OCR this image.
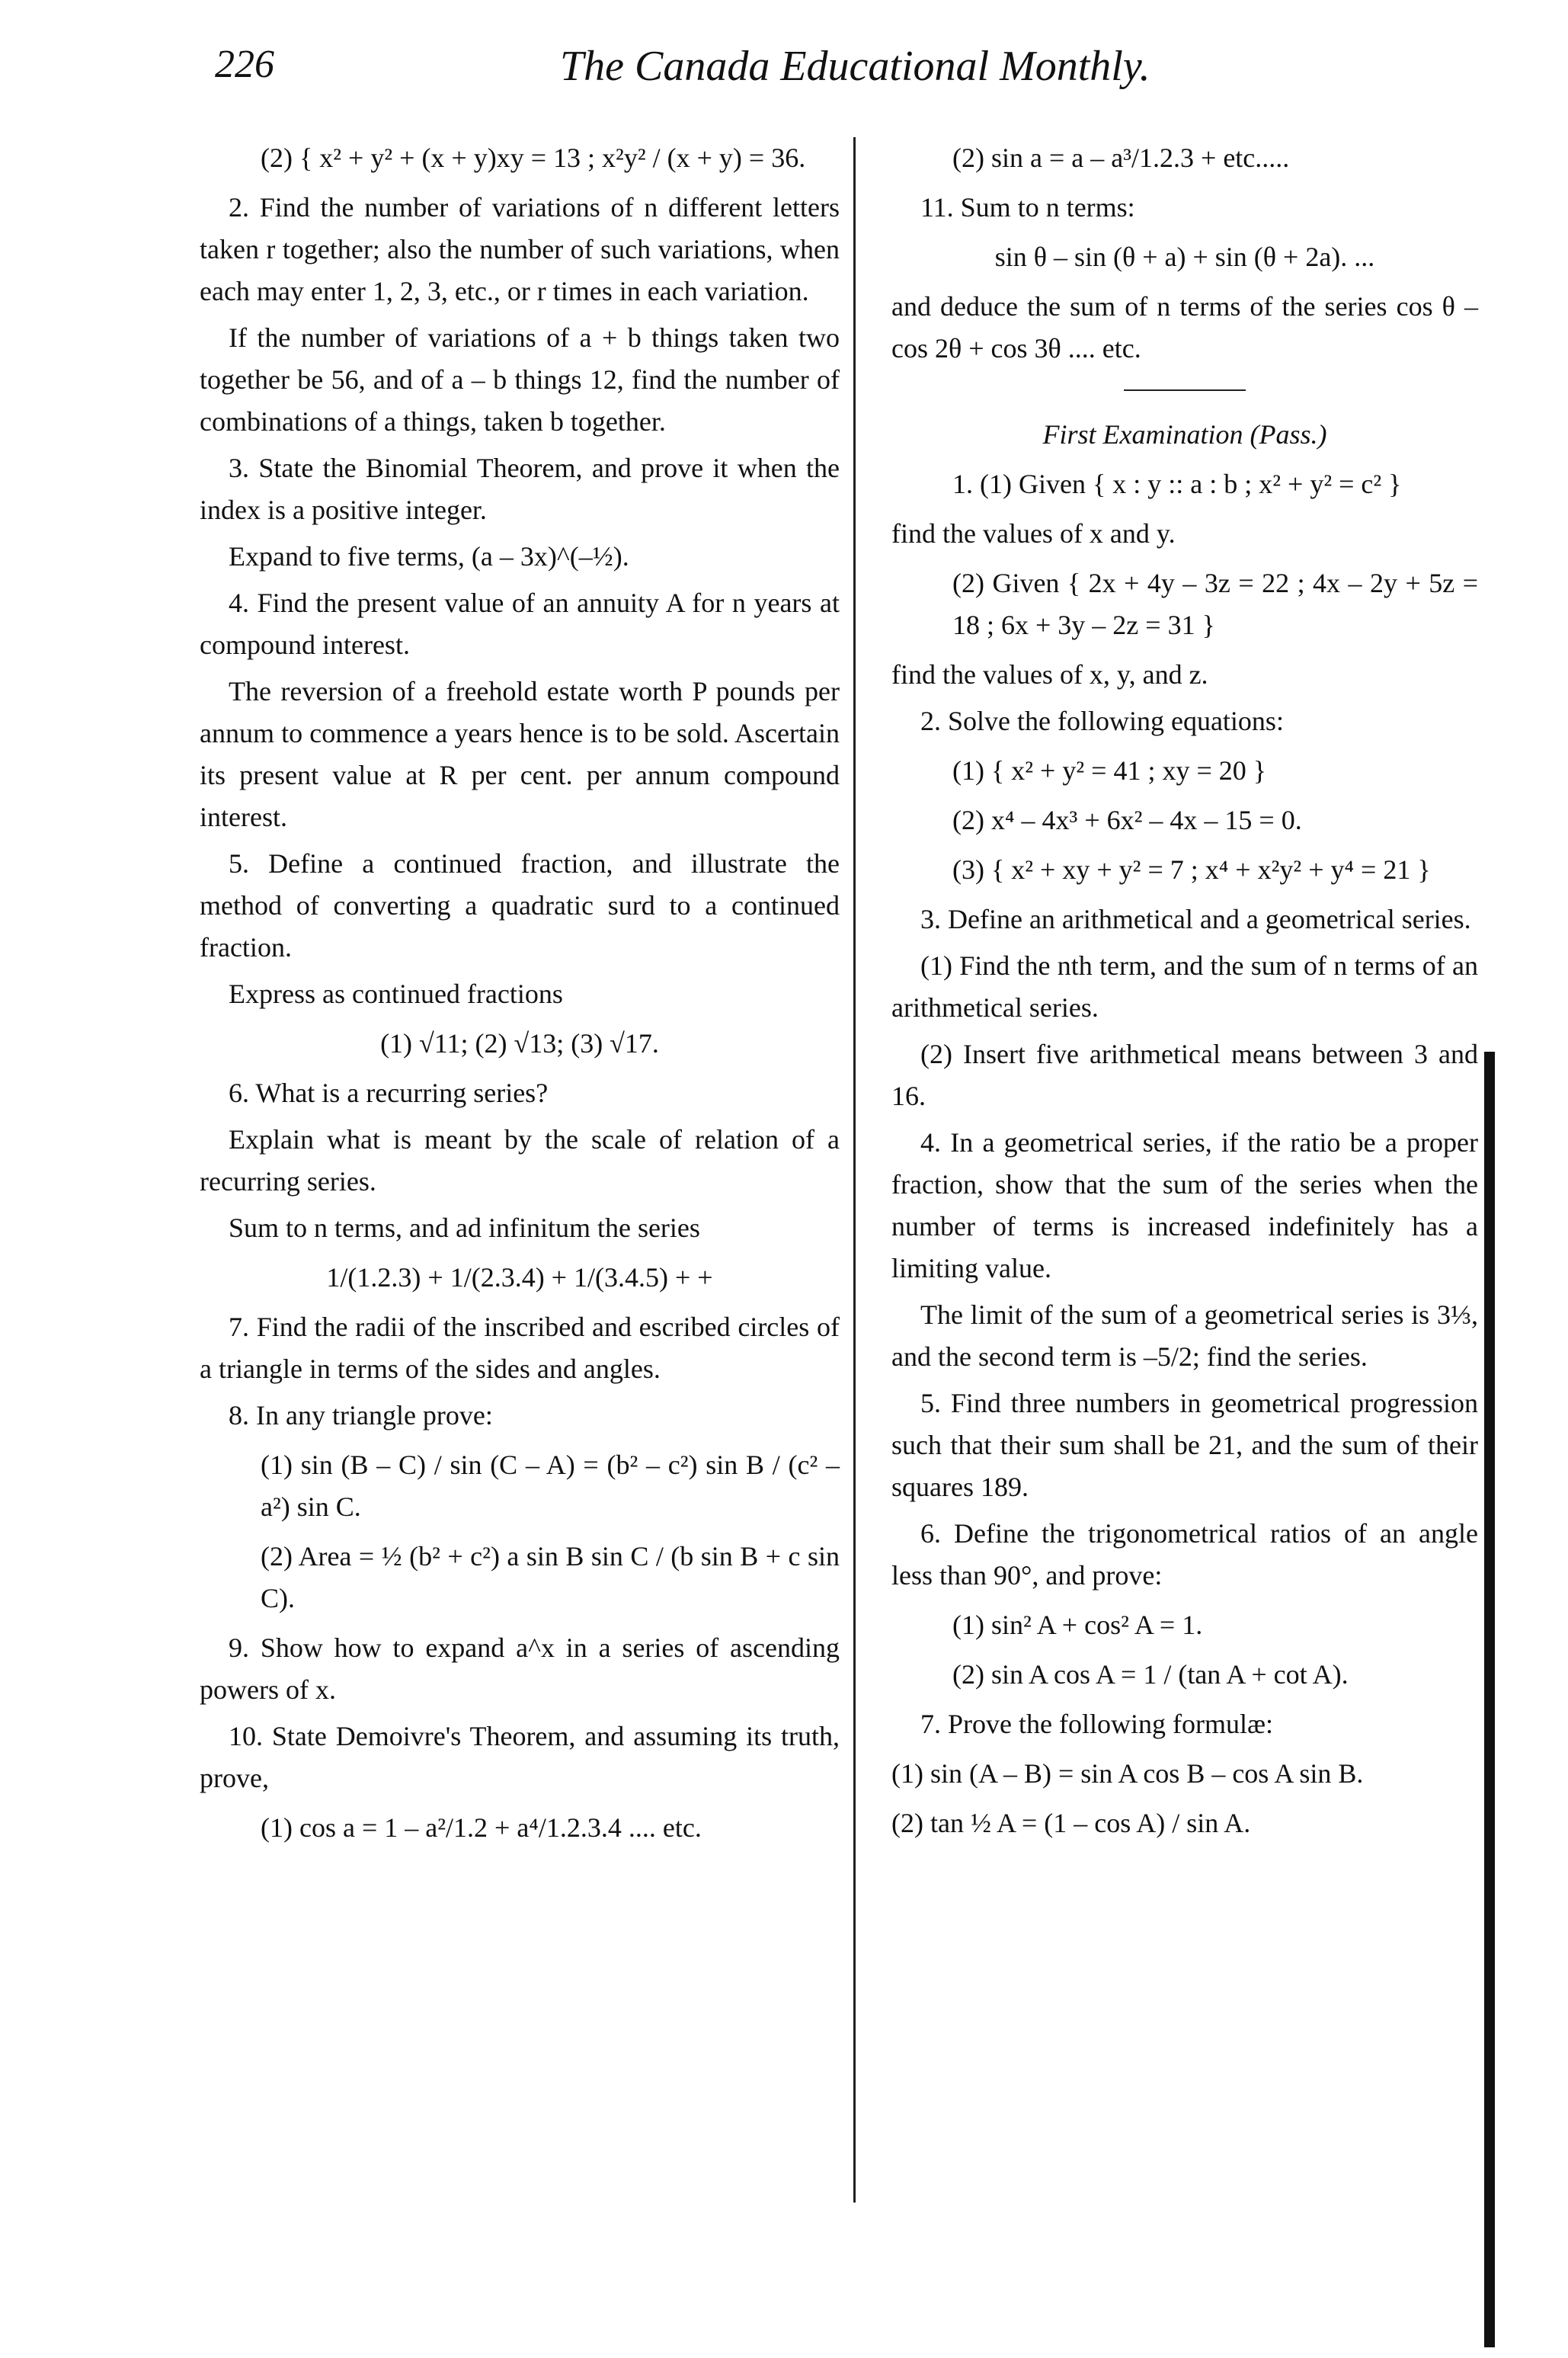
226	The Canada Educational Monthly.

(2) { x² + y² + (x + y)xy = 13 ; x²y² / (x + y) = 36.

2. Find the number of variations of n different letters taken r together; also the number of such variations, when each may enter 1, 2, 3, etc., or r times in each variation.

If the number of variations of a + b things taken two together be 56, and of a – b things 12, find the number of combinations of a things, taken b together.

3. State the Binomial Theorem, and prove it when the index is a positive integer.

Expand to five terms, (a – 3x)^(–½).

4. Find the present value of an annuity A for n years at compound interest.

The reversion of a freehold estate worth P pounds per annum to commence a years hence is to be sold. Ascertain its present value at R per cent. per annum compound interest.

5. Define a continued fraction, and illustrate the method of converting a quadratic surd to a continued fraction.

Express as continued fractions

(1) √11; (2) √13; (3) √17.

6. What is a recurring series?

Explain what is meant by the scale of relation of a recurring series.

Sum to n terms, and ad infinitum the series

1/(1.2.3) + 1/(2.3.4) + 1/(3.4.5) + +

7. Find the radii of the inscribed and escribed circles of a triangle in terms of the sides and angles.

8. In any triangle prove:

(1) sin (B – C) / sin (C – A) = (b² – c²) sin B / (c² – a²) sin C.

(2) Area = ½ (b² + c²) a sin B sin C / (b sin B + c sin C).

9. Show how to expand a^x in a series of ascending powers of x.

10. State Demoivre's Theorem, and assuming its truth, prove,

(1) cos a = 1 – a²/1.2 + a⁴/1.2.3.4 .... etc.

(2) sin a = a – a³/1.2.3 + etc.....

11. Sum to n terms:

sin θ – sin (θ + a) + sin (θ + 2a). ...

and deduce the sum of n terms of the series cos θ – cos 2θ + cos 3θ .... etc.

First Examination (Pass.)

1. (1) Given { x : y :: a : b ; x² + y² = c² }

find the values of x and y.

(2) Given { 2x + 4y – 3z = 22 ; 4x – 2y + 5z = 18 ; 6x + 3y – 2z = 31 }

find the values of x, y, and z.

2. Solve the following equations:

(1) { x² + y² = 41 ; xy = 20 }

(2) x⁴ – 4x³ + 6x² – 4x – 15 = 0.

(3) { x² + xy + y² = 7 ; x⁴ + x²y² + y⁴ = 21 }

3. Define an arithmetical and a geometrical series.

(1) Find the nth term, and the sum of n terms of an arithmetical series.

(2) Insert five arithmetical means between 3 and 16.

4. In a geometrical series, if the ratio be a proper fraction, show that the sum of the series when the number of terms is increased indefinitely has a limiting value.

The limit of the sum of a geometrical series is 3⅓, and the second term is –5/2; find the series.

5. Find three numbers in geometrical progression such that their sum shall be 21, and the sum of their squares 189.

6. Define the trigonometrical ratios of an angle less than 90°, and prove:

(1) sin² A + cos² A = 1.

(2) sin A cos A = 1 / (tan A + cot A).

7. Prove the following formulæ:

(1) sin (A – B) = sin A cos B – cos A sin B.

(2) tan ½ A = (1 – cos A) / sin A.
